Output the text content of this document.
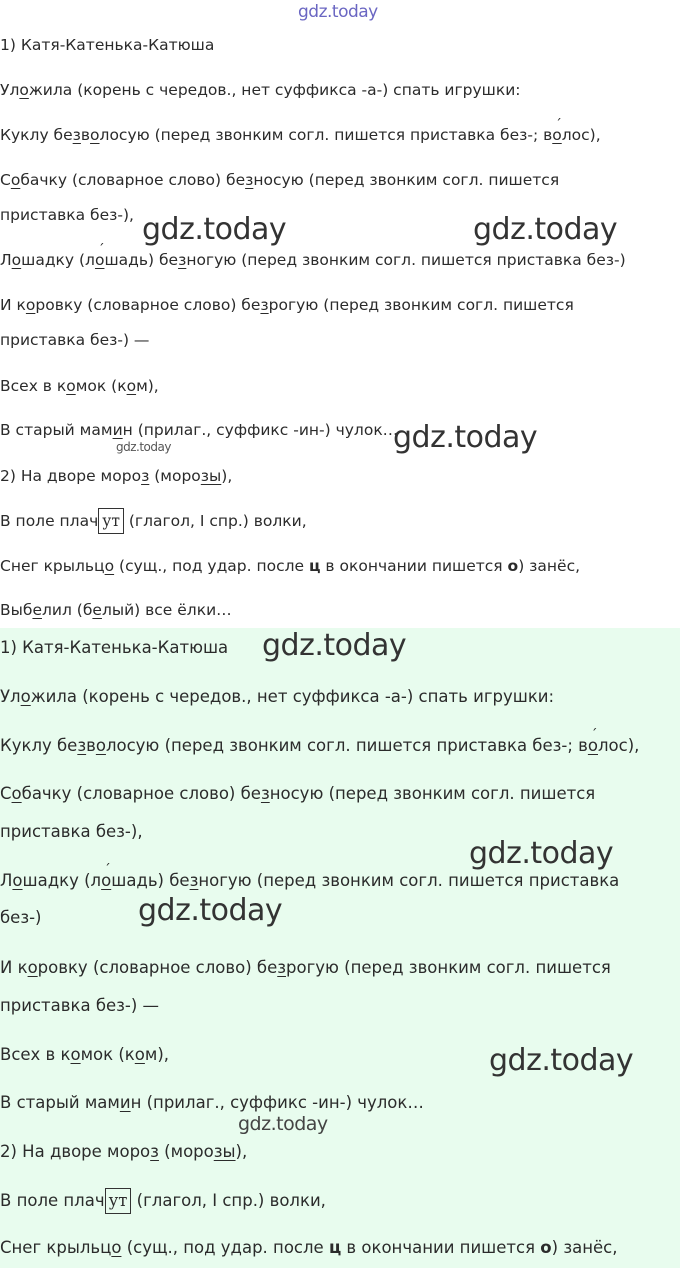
1) Катя-Катенька-Катюша
Уложила (корень с чередов., нет суффикса -а-) спать игрушки:
Куклу безволосую (перед звонким согл. пишется приставка без-; во ´лос),
Собачку (словарное слово) безносую (перед звонким согл. пишется
приставка без-),
Лошадку (ло ´шадь) безногую (перед звонким согл. пишется приставка без-)
И коровку (словарное слово) безрогую (перед звонким согл. пишется
приставка без-) —
Всех в комок (ком),
В старый мамин (прилаг., суффикс -ин-) чулок…
2) На дворе мороз (морозы),
В поле плач ут (глагол, I спр.) волки,
Снег крыльцо (сущ., под удар. после ц в окончании пишется о) занёс,
Выбелил (белый) все ёлки…
1) Катя-Катенька-Катюша
Уложила (корень с чередов., нет суффикса -а-) спать игрушки:
Куклу безволосую (перед звонким согл. пишется приставка без-; во ´лос),
Собачку (словарное слово) безносую (перед звонким согл. пишется
приставка без-),
Лошадку (ло ´шадь) безногую (перед звонким согл. пишется приставка
без-)
И коровку (словарное слово) безрогую (перед звонким согл. пишется
приставка без-) —
Всех в комок (ком),
В старый мамин (прилаг., суффикс -ин-) чулок…
2) На дворе мороз (морозы),
В поле плач ут (глагол, I спр.) волки,
Снег крыльцо (сущ., под удар. после ц в окончании пишется о) занёс,
gdz.today
gdz.today	gdz.today
gdz.today
gdz.today
gdz.today
gdz.today
gdz.today
gdz.today
gdz.today
